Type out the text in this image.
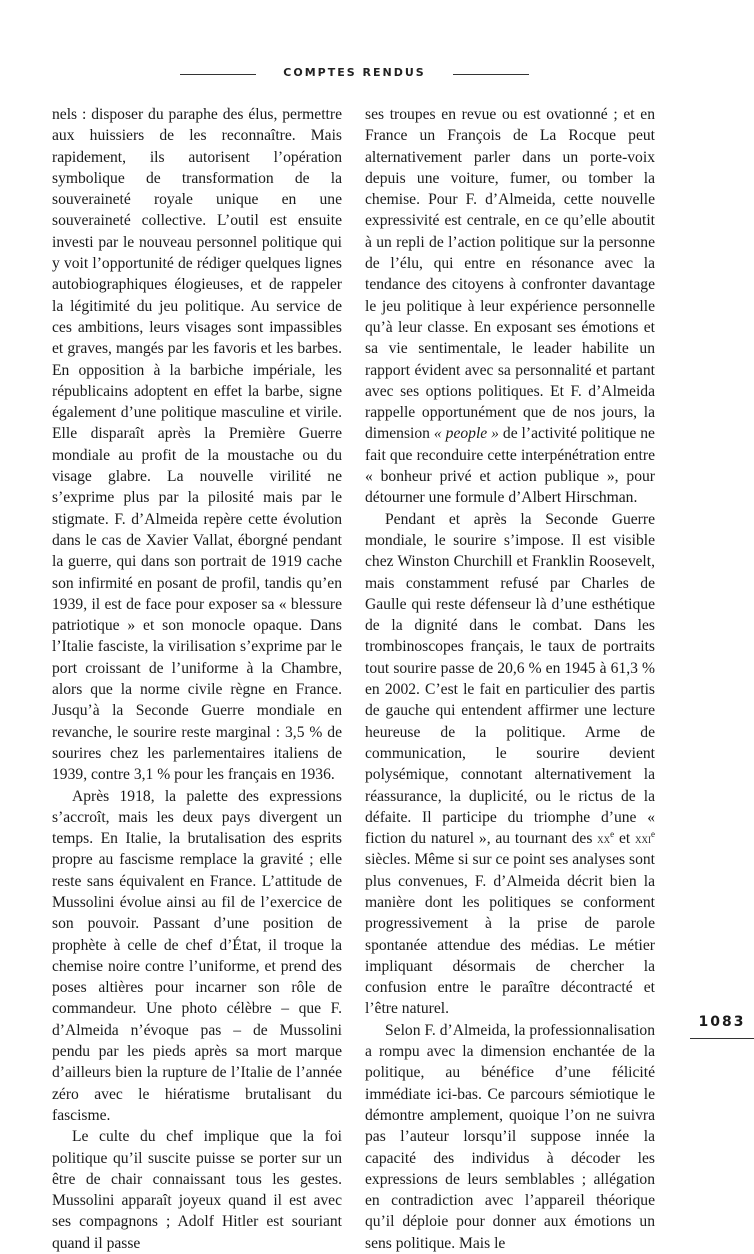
COMPTES RENDUS

nels : disposer du paraphe des élus, permettre aux huissiers de les reconnaître. Mais rapidement, ils autorisent l’opération symbolique de transformation de la souveraineté royale unique en une souveraineté collective. L’outil est ensuite investi par le nouveau personnel politique qui y voit l’opportunité de rédiger quelques lignes autobiographiques élogieuses, et de rappeler la légitimité du jeu politique. Au service de ces ambitions, leurs visages sont impassibles et graves, mangés par les favoris et les barbes. En opposition à la barbiche impériale, les républicains adoptent en effet la barbe, signe également d’une politique masculine et virile. Elle disparaît après la Première Guerre mondiale au profit de la moustache ou du visage glabre. La nouvelle virilité ne s’exprime plus par la pilosité mais par le stigmate. F. d’Almeida repère cette évolution dans le cas de Xavier Vallat, éborgné pendant la guerre, qui dans son portrait de 1919 cache son infirmité en posant de profil, tandis qu’en 1939, il est de face pour exposer sa « blessure patriotique » et son monocle opaque. Dans l’Italie fasciste, la virilisation s’exprime par le port croissant de l’uniforme à la Chambre, alors que la norme civile règne en France. Jusqu’à la Seconde Guerre mondiale en revanche, le sourire reste marginal : 3,5 % de sourires chez les parlementaires italiens de 1939, contre 3,1 % pour les français en 1936.

Après 1918, la palette des expressions s’accroît, mais les deux pays divergent un temps. En Italie, la brutalisation des esprits propre au fascisme remplace la gravité ; elle reste sans équivalent en France. L’attitude de Mussolini évolue ainsi au fil de l’exercice de son pouvoir. Passant d’une position de prophète à celle de chef d’État, il troque la chemise noire contre l’uniforme, et prend des poses altières pour incarner son rôle de commandeur. Une photo célèbre – que F. d’Almeida n’évoque pas – de Mussolini pendu par les pieds après sa mort marque d’ailleurs bien la rupture de l’Italie de l’année zéro avec le hiératisme brutalisant du fascisme.

Le culte du chef implique que la foi politique qu’il suscite puisse se porter sur un être de chair connaissant tous les gestes. Mussolini apparaît joyeux quand il est avec ses compagnons ; Adolf Hitler est souriant quand il passe

ses troupes en revue ou est ovationné ; et en France un François de La Rocque peut alternativement parler dans un porte-voix depuis une voiture, fumer, ou tomber la chemise. Pour F. d’Almeida, cette nouvelle expressivité est centrale, en ce qu’elle aboutit à un repli de l’action politique sur la personne de l’élu, qui entre en résonance avec la tendance des citoyens à confronter davantage le jeu politique à leur expérience personnelle qu’à leur classe. En exposant ses émotions et sa vie sentimentale, le leader habilite un rapport évident avec sa personnalité et partant avec ses options politiques. Et F. d’Almeida rappelle opportunément que de nos jours, la dimension « people » de l’activité politique ne fait que reconduire cette interpénétration entre « bonheur privé et action publique », pour détourner une formule d’Albert Hirschman.

Pendant et après la Seconde Guerre mondiale, le sourire s’impose. Il est visible chez Winston Churchill et Franklin Roosevelt, mais constamment refusé par Charles de Gaulle qui reste défenseur là d’une esthétique de la dignité dans le combat. Dans les trombinoscopes français, le taux de portraits tout sourire passe de 20,6 % en 1945 à 61,3 % en 2002. C’est le fait en particulier des partis de gauche qui entendent affirmer une lecture heureuse de la politique. Arme de communication, le sourire devient polysémique, connotant alternativement la réassurance, la duplicité, ou le rictus de la défaite. Il participe du triomphe d’une « fiction du naturel », au tournant des $xx^e$ et xxi$^e$ siècles. Même si sur ce point ses analyses sont plus convenues, F. d’Almeida décrit bien la manière dont les politiques se conforment progressivement à la prise de parole spontanée attendue des médias. Le métier impliquant désormais de chercher la confusion entre le paraître décontracté et l’être naturel.

Selon F. d’Almeida, la professionnalisation a rompu avec la dimension enchantée de la politique, au bénéfice d’une félicité immédiate ici-bas. Ce parcours sémiotique le démontre amplement, quoique l’on ne suivra pas l’auteur lorsqu’il suppose innée la capacité des individus à décoder les expressions de leurs semblables ; allégation en contradiction avec l’appareil théorique qu’il déploie pour donner aux émotions un sens politique. Mais le

1083
